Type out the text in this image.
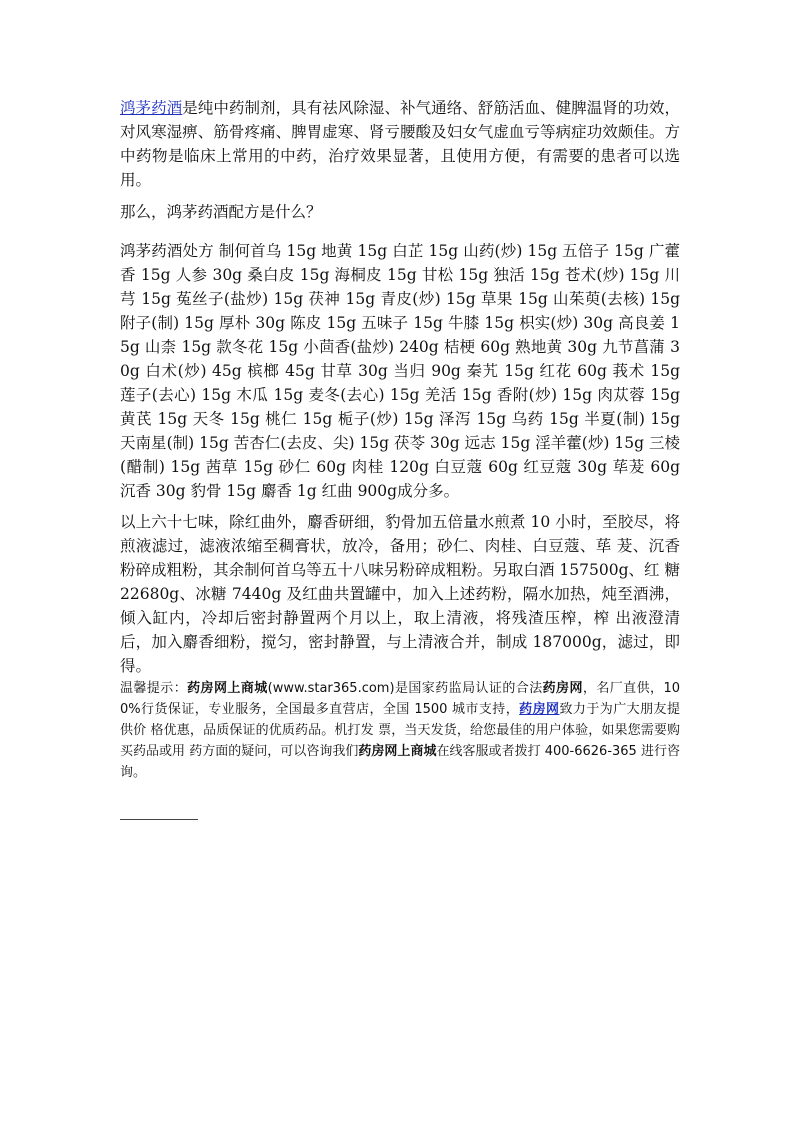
鸿茅药酒是纯中药制剂，具有祛风除湿、补气通络、舒筋活血、健脾温肾的功效，对风寒湿痹、筋骨疼痛、脾胃虚寒、肾亏腰酸及妇女气虚血亏等病症功效颇佳。方中药物是临床上常用的中药，治疗效果显著，且使用方便，有需要的患者可以选用。

那么，鸿茅药酒配方是什么？

鸿茅药酒处方 制何首乌 15g 地黄 15g 白芷 15g 山药(炒) 15g 五倍子 15g 广藿香 15g 人参 30g 桑白皮 15g 海桐皮 15g 甘松 15g 独活 15g 苍术(炒) 15g 川芎 15g 菟丝子(盐炒) 15g 茯神 15g 青皮(炒) 15g 草果 15g 山茱萸(去核) 15g 附子(制) 15g 厚朴 30g 陈皮 15g 五味子 15g 牛膝 15g 枳实(炒) 30g 高良姜 15g 山柰 15g 款冬花 15g 小茴香(盐炒) 240g 桔梗 60g 熟地黄 30g 九节菖蒲 30g 白术(炒) 45g 槟榔 45g 甘草 30g 当归 90g 秦艽 15g 红花 60g 莪术 15g 莲子(去心) 15g 木瓜 15g 麦冬(去心) 15g 羌活 15g 香附(炒) 15g 肉苁蓉 15g 黄芪 15g 天冬 15g 桃仁 15g 栀子(炒) 15g 泽泻 15g 乌药 15g 半夏(制) 15g 天南星(制) 15g 苦杏仁(去皮、尖) 15g 茯苓 30g 远志 15g 淫羊藿(炒) 15g 三棱(醋制) 15g 茜草 15g 砂仁 60g 肉桂 120g 白豆蔻 60g 红豆蔻 30g 荜茇 60g 沉香 30g 豹骨 15g 麝香 1g 红曲 900g成分多。

以上六十七味，除红曲外，麝香研细，豹骨加五倍量水煎煮 10 小时，至胶尽，将煎液滤过，滤液浓缩至稠膏状，放冷，备用；砂仁、肉桂、白豆蔻、荜 茇、沉香粉碎成粗粉，其余制何首乌等五十八味另粉碎成粗粉。另取白酒 157500g、红 糖 22680g、冰糖 7440g 及红曲共置罐中，加入上述药粉，隔水加热，炖至酒沸，倾入缸内，冷却后密封静置两个月以上，取上清液，将残渣压榨，榨 出液澄清后，加入麝香细粉，搅匀，密封静置，与上清液合并，制成 187000g，滤过，即得。

温馨提示：药房网上商城(www.star365.com)是国家药监局认证的合法药房网，名厂直供，100%行货保证，专业服务，全国最多直营店，全国 1500 城市支持，药房网致力于为广大朋友提 供价 格优惠，品质保证的优质药品。机打发 票，当天发货，给您最佳的用户体验，如果您需要购 买药品或用 药方面的疑问，可以咨询我们药房网上商城在线客服或者拨打 400-6626-365 进行咨询。
